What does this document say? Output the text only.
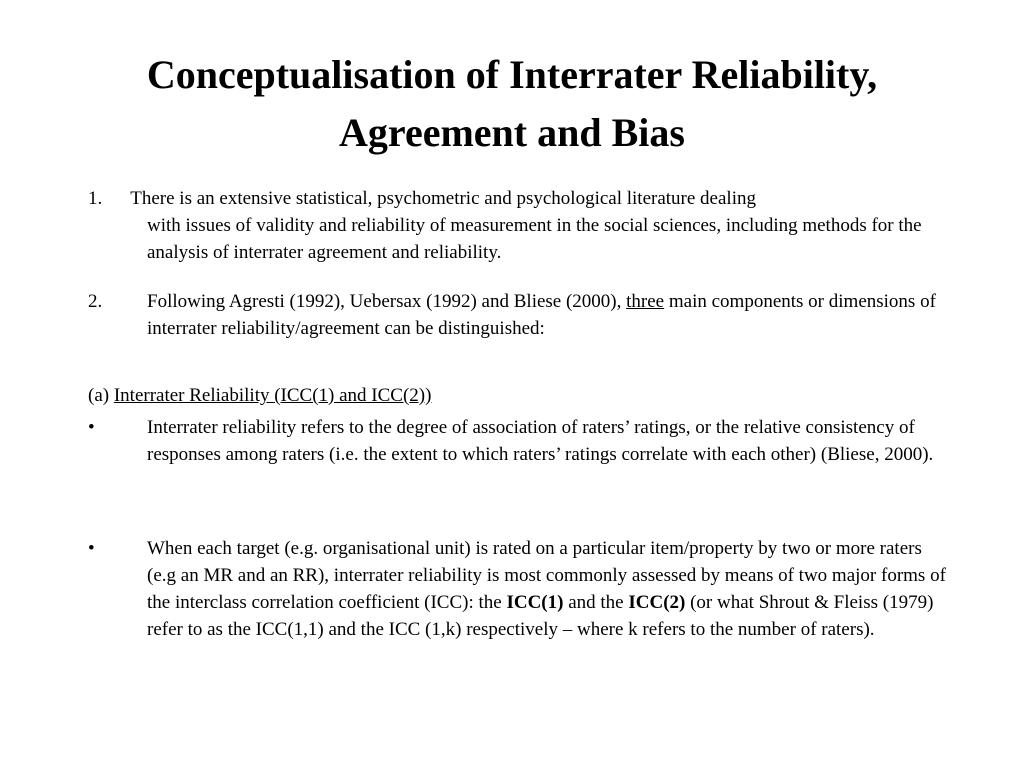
Conceptualisation of Interrater Reliability,
Agreement and Bias
1. There is an extensive statistical, psychometric and psychological literature dealing
with issues of validity and reliability of measurement in the social sciences, including methods for the analysis of interrater agreement and reliability.
2.	Following Agresti (1992), Uebersax (1992) and Bliese (2000), three main components or dimensions of interrater reliability/agreement can be distinguished:
(a) Interrater Reliability (ICC(1) and ICC(2))
•	Interrater reliability refers to the degree of association of raters’ ratings, or the relative consistency of responses among raters (i.e. the extent to which raters’ ratings correlate with each other) (Bliese, 2000).
•	When each target (e.g. organisational unit) is rated on a particular item/property by two or more raters (e.g an MR and an RR), interrater reliability is most commonly assessed by means of two major forms of the interclass correlation coefficient (ICC): the ICC(1) and the ICC(2) (or what Shrout & Fleiss (1979) refer to as the ICC(1,1) and the ICC (1,k) respectively – where k refers to the number of raters).
